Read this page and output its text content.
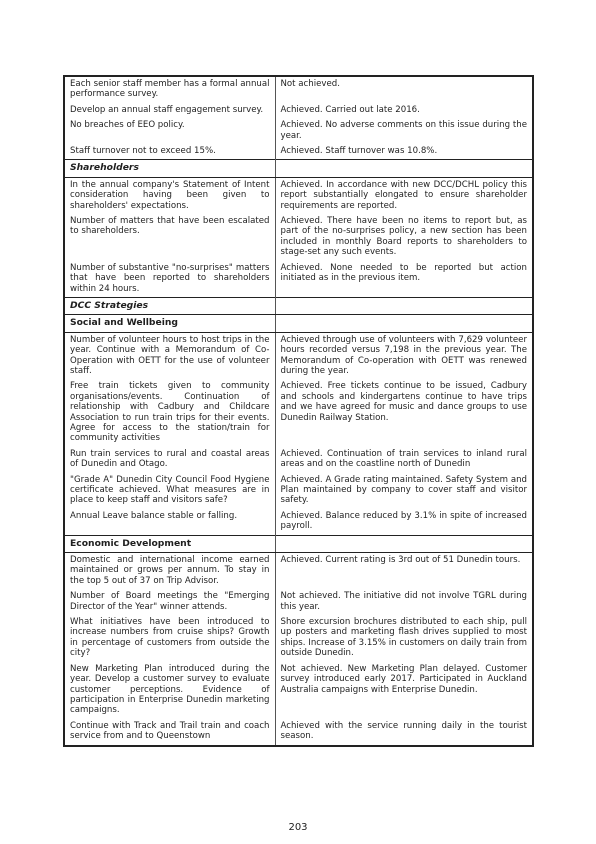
Each senior staff member has a formal annual performance survey.	Not achieved.
Develop an annual staff engagement survey.	Achieved. Carried out late 2016.
No breaches of EEO policy.	Achieved. No adverse comments on this issue during the year.
Staff turnover not to exceed 15%.	Achieved. Staff turnover was 10.8%.
Shareholders	
In the annual company's Statement of Intent consideration having been given to shareholders' expectations.	Achieved. In accordance with new DCC/DCHL policy this report substantially elongated to ensure shareholder requirements are reported.
Number of matters that have been escalated to shareholders.	Achieved. There have been no items to report but, as part of the no-surprises policy, a new section has been included in monthly Board reports to shareholders to stage-set any such events.
Number of substantive "no-surprises" matters that have been reported to shareholders within 24 hours.	Achieved. None needed to be reported but action initiated as in the previous item.
DCC Strategies	
Social and Wellbeing	
Number of volunteer hours to host trips in the year. Continue with a Memorandum of Co-Operation with OETT for the use of volunteer staff.	Achieved through use of volunteers with 7,629 volunteer hours recorded versus 7,198 in the previous year. The Memorandum of Co-operation with OETT was renewed during the year.
Free train tickets given to community organisations/events. Continuation of relationship with Cadbury and Childcare Association to run train trips for their events. Agree for access to the station/train for community activities	Achieved. Free tickets continue to be issued, Cadbury and schools and kindergartens continue to have trips and we have agreed for music and dance groups to use Dunedin Railway Station.
Run train services to rural and coastal areas of Dunedin and Otago.	Achieved. Continuation of train services to inland rural areas and on the coastline north of Dunedin
"Grade A" Dunedin City Council Food Hygiene certificate achieved. What measures are in place to keep staff and visitors safe?	Achieved. A Grade rating maintained. Safety System and Plan maintained by company to cover staff and visitor safety.
Annual Leave balance stable or falling.	Achieved. Balance reduced by 3.1% in spite of increased payroll.
Economic Development	
Domestic and international income earned maintained or grows per annum. To stay in the top 5 out of 37 on Trip Advisor.	Achieved. Current rating is 3rd out of 51 Dunedin tours.
Number of Board meetings the "Emerging Director of the Year" winner attends.	Not achieved. The initiative did not involve TGRL during this year.
What initiatives have been introduced to increase numbers from cruise ships? Growth in percentage of customers from outside the city?	Shore excursion brochures distributed to each ship, pull up posters and marketing flash drives supplied to most ships. Increase of 3.15% in customers on daily train from outside Dunedin.
New Marketing Plan introduced during the year. Develop a customer survey to evaluate customer perceptions. Evidence of participation in Enterprise Dunedin marketing campaigns.	Not achieved. New Marketing Plan delayed. Customer survey introduced early 2017. Participated in Auckland Australia campaigns with Enterprise Dunedin.
Continue with Track and Trail train and coach service from and to Queenstown	Achieved with the service running daily in the tourist season.
203
